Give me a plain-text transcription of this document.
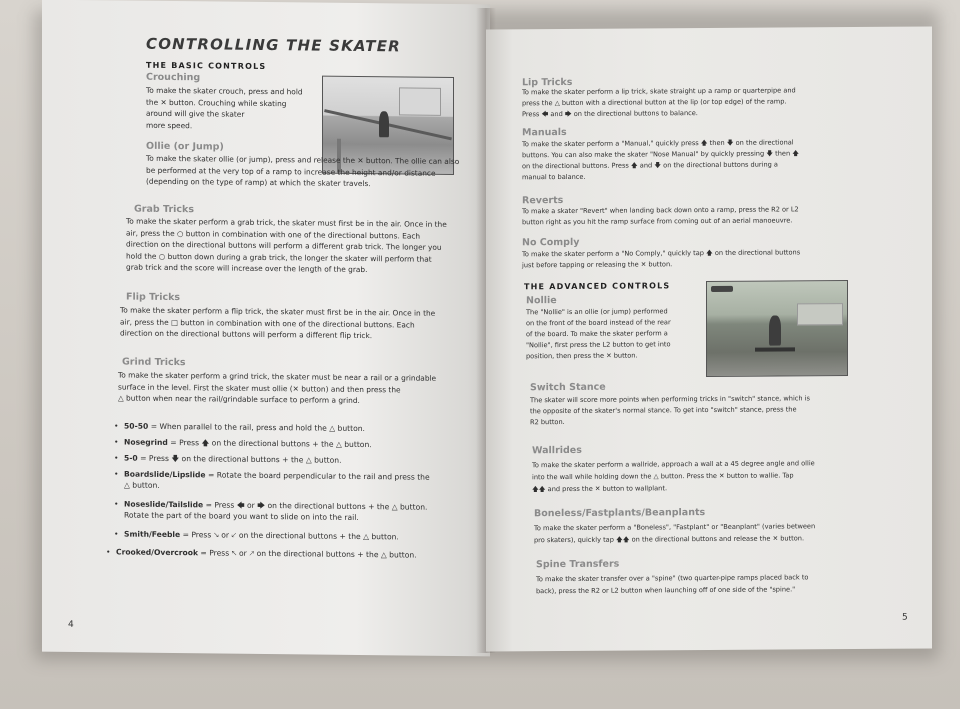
CONTROLLING THE SKATER
THE BASIC CONTROLS
Crouching
To make the skater crouch, press and hold
the ✕ button. Crouching while skating
around will give the skater
more speed.
Ollie (or Jump)
To make the skater ollie (or jump), press and release the ✕ button. The ollie can also
be performed at the very top of a ramp to increase the height and/or distance
(depending on the type of ramp) at which the skater travels.
Grab Tricks
To make the skater perform a grab trick, the skater must first be in the air. Once in the
air, press the ○ button in combination with one of the directional buttons. Each
direction on the directional buttons will perform a different grab trick. The longer you
hold the ○ button down during a grab trick, the longer the skater will perform that
grab trick and the score will increase over the length of the grab.
Flip Tricks
To make the skater perform a flip trick, the skater must first be in the air. Once in the
air, press the □ button in combination with one of the directional buttons. Each
direction on the directional buttons will perform a different flip trick.
Grind Tricks
To make the skater perform a grind trick, the skater must be near a rail or a grindable
surface in the level. First the skater must ollie (✕ button) and then press the
△ button when near the rail/grindable surface to perform a grind.
• 50-50 = When parallel to the rail, press and hold the △ button.
• Nosegrind = Press 🡅 on the directional buttons + the △ button.
• 5-0 = Press 🡇 on the directional buttons + the △ button.
• Boardslide/Lipslide = Rotate the board perpendicular to the rail and press the
△ button.
• Noseslide/Tailslide = Press 🡄 or 🡆 on the directional buttons + the △ button.
Rotate the part of the board you want to slide on into the rail.
• Smith/Feeble = Press 🡖 or 🡗 on the directional buttons + the △ button.
• Crooked/Overcrook = Press 🡔 or 🡕 on the directional buttons + the △ button.
4
Lip Tricks
To make the skater perform a lip trick, skate straight up a ramp or quarterpipe and
press the △ button with a directional button at the lip (or top edge) of the ramp.
Press 🡄 and 🡆 on the directional buttons to balance.
Manuals
To make the skater perform a "Manual," quickly press 🡅 then 🡇 on the directional
buttons. You can also make the skater "Nose Manual" by quickly pressing 🡇 then 🡅
on the directional buttons. Press 🡅 and 🡇 on the directional buttons during a
manual to balance.
Reverts
To make a skater "Revert" when landing back down onto a ramp, press the R2 or L2
button right as you hit the ramp surface from coming out of an aerial manoeuvre.
No Comply
To make the skater perform a "No Comply," quickly tap 🡅 on the directional buttons
just before tapping or releasing the ✕ button.
THE ADVANCED CONTROLS
Nollie
The "Nollie" is an ollie (or jump) performed
on the front of the board instead of the rear
of the board. To make the skater perform a
"Nollie", first press the L2 button to get into
position, then press the ✕ button.
Switch Stance
The skater will score more points when performing tricks in "switch" stance, which is
the opposite of the skater's normal stance. To get into "switch" stance, press the
R2 button.
Wallrides
To make the skater perform a wallride, approach a wall at a 45 degree angle and ollie
into the wall while holding down the △ button. Press the ✕ button to wallie. Tap
🡅🡅 and press the ✕ button to wallplant.
Boneless/Fastplants/Beanplants
To make the skater perform a "Boneless", "Fastplant" or "Beanplant" (varies between
pro skaters), quickly tap 🡅🡅 on the directional buttons and release the ✕ button.
Spine Transfers
To make the skater transfer over a "spine" (two quarter-pipe ramps placed back to
back), press the R2 or L2 button when launching off of one side of the "spine."
5
